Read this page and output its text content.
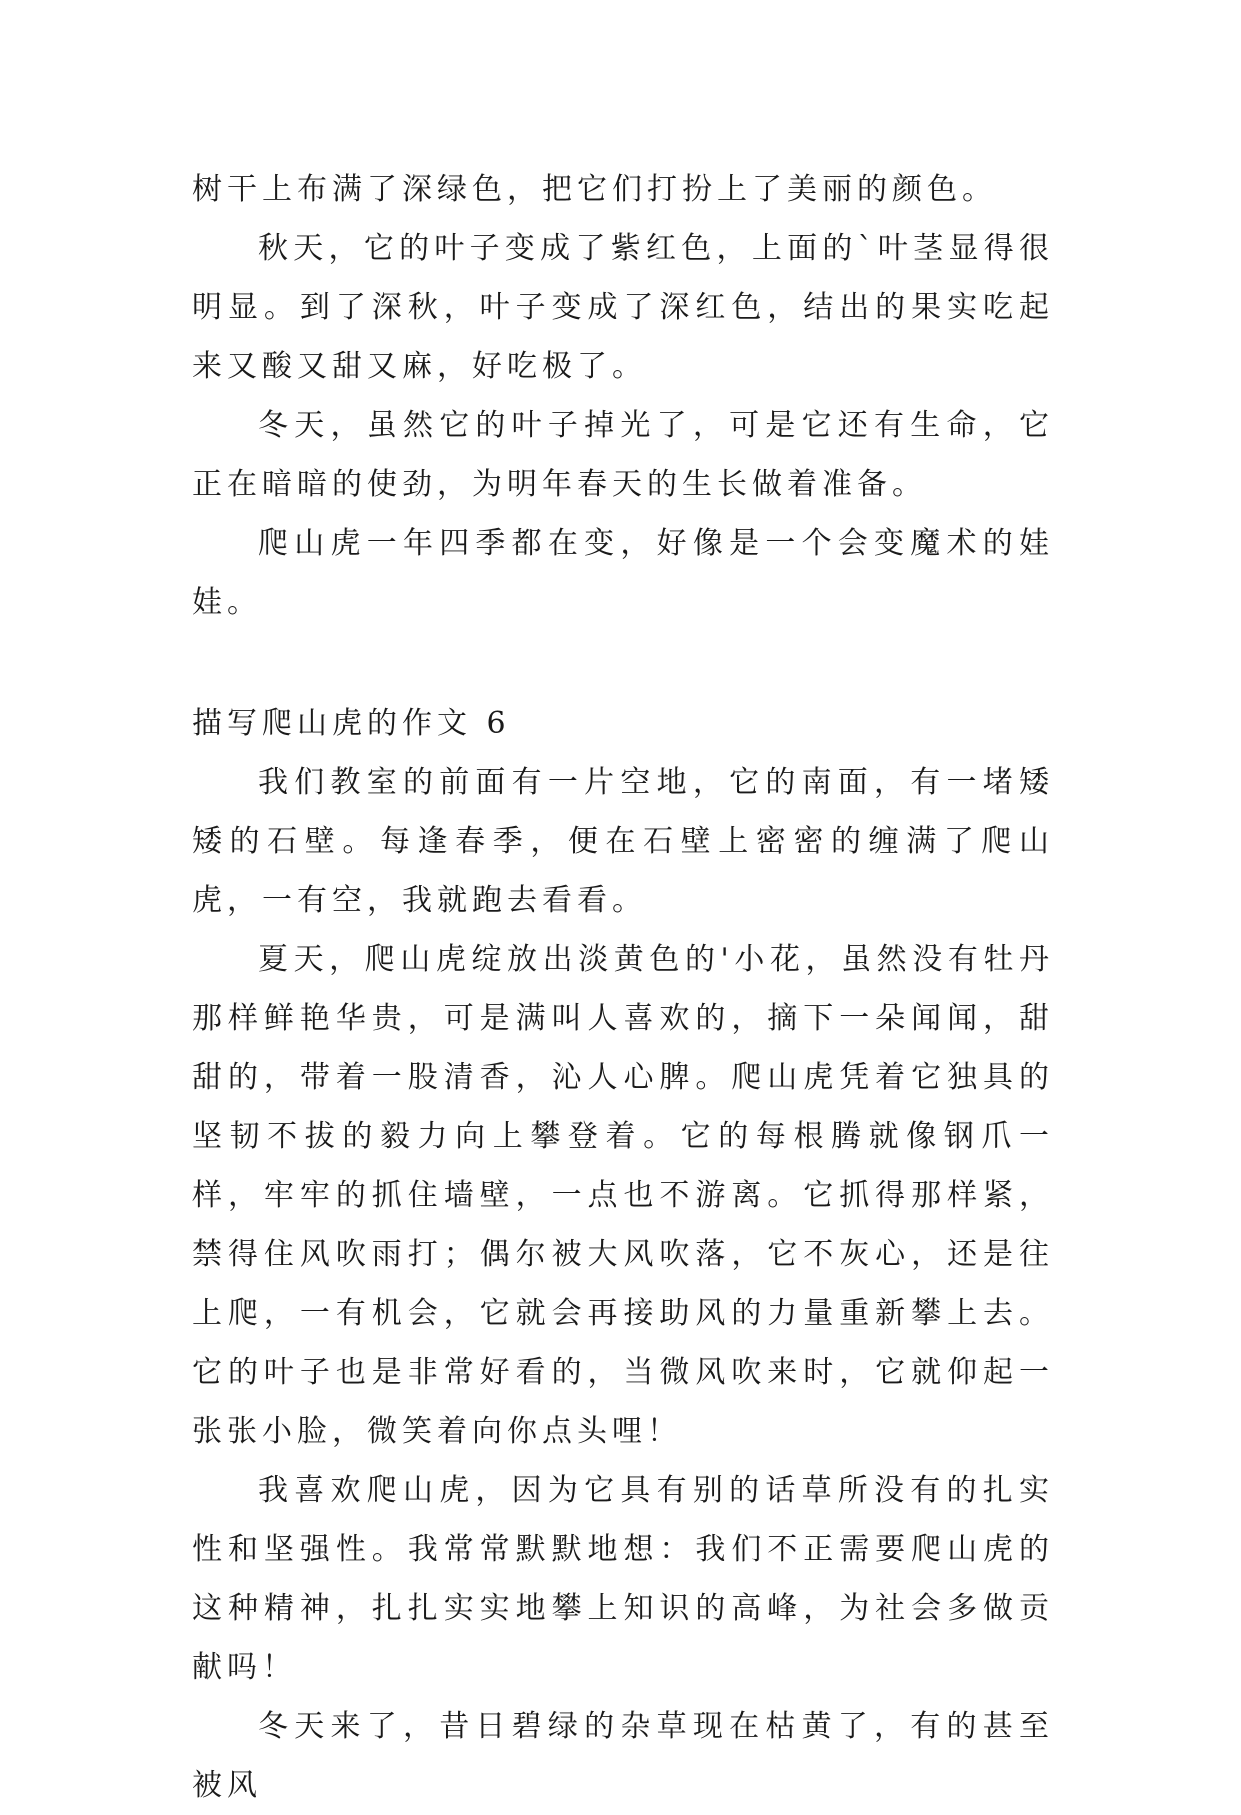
树干上布满了深绿色，把它们打扮上了美丽的颜色。

秋天，它的叶子变成了紫红色，上面的`叶茎显得很明显。到了深秋，叶子变成了深红色，结出的果实吃起来又酸又甜又麻，好吃极了。

冬天，虽然它的叶子掉光了，可是它还有生命，它正在暗暗的使劲，为明年春天的生长做着准备。

爬山虎一年四季都在变，好像是一个会变魔术的娃娃。

描写爬山虎的作文 6

我们教室的前面有一片空地，它的南面，有一堵矮矮的石壁。每逢春季，便在石壁上密密的缠满了爬山虎，一有空，我就跑去看看。

夏天，爬山虎绽放出淡黄色的'小花，虽然没有牡丹那样鲜艳华贵，可是满叫人喜欢的，摘下一朵闻闻，甜甜的，带着一股清香，沁人心脾。爬山虎凭着它独具的坚韧不拔的毅力向上攀登着。它的每根腾就像钢爪一样，牢牢的抓住墙壁，一点也不游离。它抓得那样紧，禁得住风吹雨打；偶尔被大风吹落，它不灰心，还是往上爬，一有机会，它就会再接助风的力量重新攀上去。它的叶子也是非常好看的，当微风吹来时，它就仰起一张张小脸，微笑着向你点头哩！

我喜欢爬山虎，因为它具有别的话草所没有的扎实性和坚强性。我常常默默地想：我们不正需要爬山虎的这种精神，扎扎实实地攀上知识的高峰，为社会多做贡献吗！

冬天来了，昔日碧绿的杂草现在枯黄了，有的甚至被风
